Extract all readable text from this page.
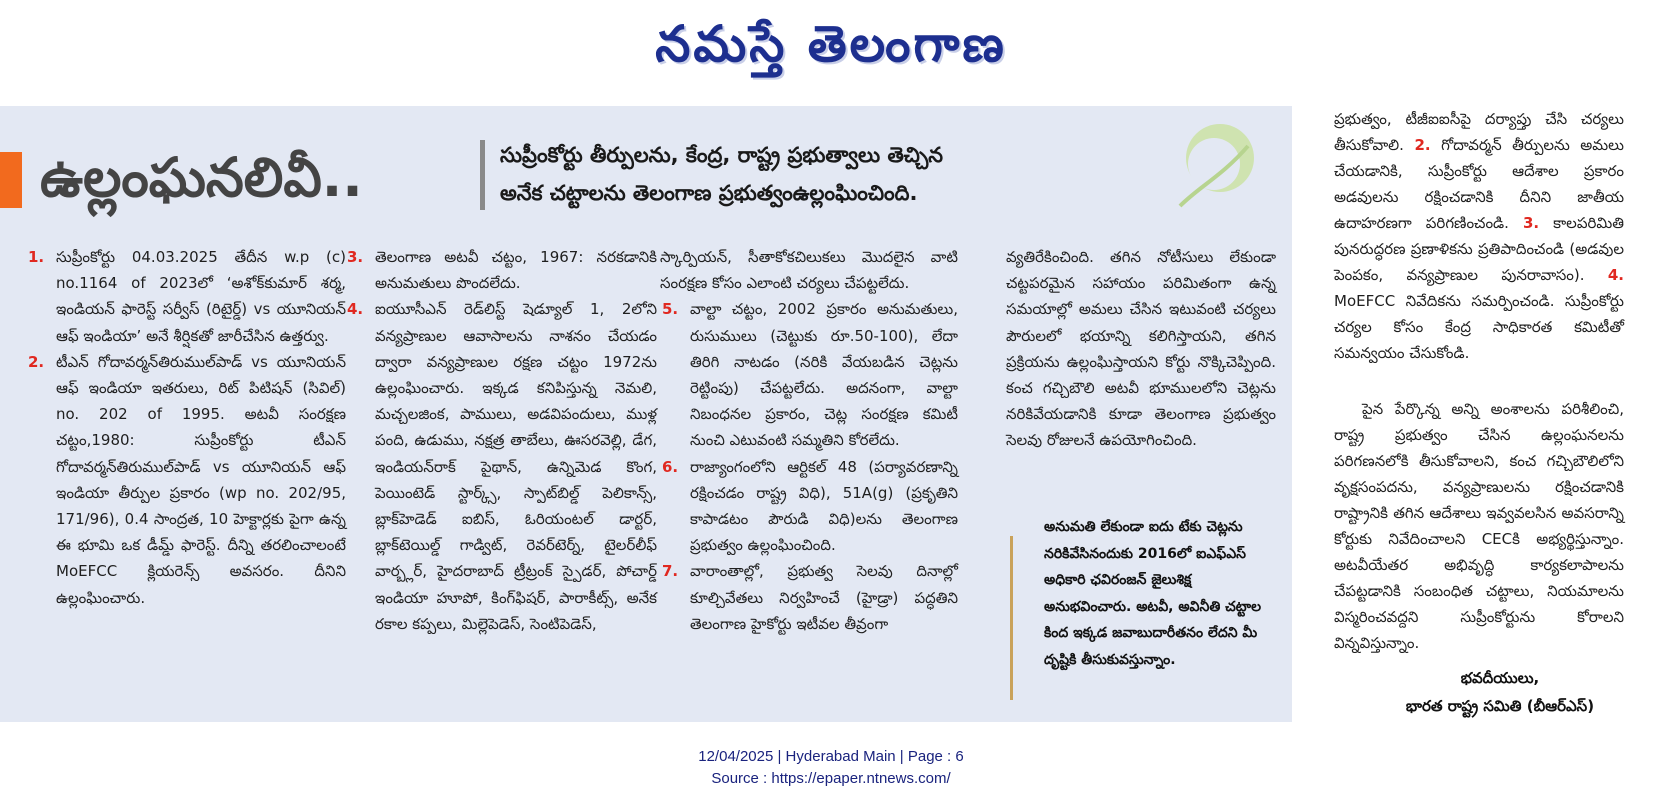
నమస్తే తెలంగాణ
ఉల్లంఘనలివీ..	సుప్రీంకోర్టు తీర్పులను, కేంద్ర, రాష్ట్ర ప్రభుత్వాలు తెచ్చిన
అనేక చట్టాలను తెలంగాణ ప్రభుత్వంఉల్లంఘించింది.
1. సుప్రీంకోర్టు 04.03.2025 తేదీన w.p (c) no.1164 of 2023లో ‘అశోక్‌కుమార్ శర్మ, ఇండియన్ ఫారెస్ట్ సర్వీస్ (రిటైర్డ్) vs యూనియన్ ఆఫ్ ఇండియా’ అనే శీర్షికతో జారీచేసిన ఉత్తర్వు.
2. టీఎన్ గోదావర్మన్‌తిరుముల్‌పాడ్ vs యూనియన్ ఆఫ్ ఇండియా ఇతరులు, రిట్ పిటిషన్ (సివిల్) no. 202 of 1995. అటవీ సంరక్షణ చట్టం,1980: సుప్రీంకోర్టు టీఎన్ గోదావర్మన్‌తిరుముల్‌పాడ్ vs యూనియన్ ఆఫ్ ఇండియా తీర్పుల ప్రకారం (wp no. 202/95, 171/96), 0.4 సాంద్రత, 10 హెక్టార్లకు పైగా ఉన్న ఈ భూమి ఒక డీమ్డ్ ఫారెస్ట్. దీన్ని తరలించాలంటే MoEFCC క్లియరెన్స్ అవసరం. దీనిని ఉల్లంఘించారు.
3. తెలంగాణ అటవీ చట్టం, 1967: నరకడానికి అనుమతులు పొందలేదు.
4. ఐయూసీఎన్ రెడ్‌లిస్ట్ షెడ్యూల్ 1, 2లోని వన్యప్రాణుల ఆవాసాలను నాశనం చేయడం ద్వారా వన్యప్రాణుల రక్షణ చట్టం 1972ను ఉల్లంఘించారు. ఇక్కడ కనిపిస్తున్న నెమలి, మచ్చలజింక, పాములు, అడవిపందులు, ముళ్ల పంది, ఉడుము, నక్షత్ర తాబేలు, ఊసరవెల్లి, డేగ, ఇండియన్‌రాక్ పైథాన్, ఉన్నిమెడ కొంగ, పెయింటెడ్ స్టార్క్స్, స్పాట్‌బిల్డ్ పెలికాన్స్, బ్లాక్‌హెడెడ్ ఐబిస్, ఓరియంటల్ డార్టర్, బ్లాక్‌టెయిల్డ్ గాడ్విట్, రెవర్‌టెర్న్, టైలర్‌లీఫ్ వార్బ్లర్, హైదరాబాద్ ట్రీట్రంక్ స్పైడర్, పోచార్డ్ ఇండియా హూపో, కింగ్‌ఫిషర్, పారాకీట్స్, అనేక రకాల కప్పలు, మిల్లెపెడెస్, సెంటిపెడెస్,
స్కార్పియన్, సీతాకోకచిలుకలు మొదలైన వాటి సంరక్షణ కోసం ఎలాంటి చర్యలు చేపట్టలేదు.
5. వాల్టా చట్టం, 2002 ప్రకారం అనుమతులు, రుసుములు (చెట్టుకు రూ.50-100), లేదా తిరిగి నాటడం (నరికి వేయబడిన చెట్లను రెట్టింపు) చేపట్టలేదు. అదనంగా, వాల్టా నిబంధనల ప్రకారం, చెట్ల సంరక్షణ కమిటీ నుంచి ఎటువంటి సమ్మతిని కోరలేదు.
6. రాజ్యాంగంలోని ఆర్టికల్ 48 (పర్యావరణాన్ని రక్షించడం రాష్ట్ర విధి), 51A(g) (ప్రకృతిని కాపాడటం పౌరుడి విధి)లను తెలంగాణ ప్రభుత్వం ఉల్లంఘించింది.
7. వారాంతాల్లో, ప్రభుత్వ సెలవు దినాల్లో కూల్చివేతలు నిర్వహించే (హైడ్రా) పద్ధతిని తెలంగాణ హైకోర్టు ఇటీవల తీవ్రంగా
వ్యతిరేకించింది. తగిన నోటీసులు లేకుండా చట్టపరమైన సహాయం పరిమితంగా ఉన్న సమయాల్లో అమలు చేసిన ఇటువంటి చర్యలు పౌరులలో భయాన్ని కలిగిస్తాయని, తగిన ప్రక్రియను ఉల్లంఘిస్తాయని కోర్టు నొక్కిచెప్పింది. కంచ గచ్చిబౌలి అటవీ భూములలోని చెట్లను నరికివేయడానికి కూడా తెలంగాణ ప్రభుత్వం సెలవు రోజులనే ఉపయోగించింది.
అనుమతి లేకుండా ఐదు టేకు చెట్లను నరికివేసినందుకు 2016లో ఐఎఫ్‌ఎస్ అధికారి ఛవిరంజన్ జైలుశిక్ష అనుభవించారు. అటవీ, అవినీతి చట్టాల కింద ఇక్కడ జవాబుదారీతనం లేదని మీ దృష్టికి తీసుకువస్తున్నాం.
ప్రభుత్వం, టీజీఐఐసీపై దర్యాప్తు చేసి చర్యలు తీసుకోవాలి. 2. గోదావర్మన్ తీర్పులను అమలు చేయడానికి, సుప్రీంకోర్టు ఆదేశాల ప్రకారం అడవులను రక్షించడానికి దీనిని జాతీయ ఉదాహరణగా పరిగణించండి. 3. కాలపరిమితి పునరుద్ధరణ ప్రణాళికను ప్రతిపాదించండి (అడవుల పెంపకం, వన్యప్రాణుల పునరావాసం). 4. MoEFCC నివేదికను సమర్పించండి. సుప్రీంకోర్టు చర్యల కోసం కేంద్ర సాధికారత కమిటీతో సమన్వయం చేసుకోండి.
పైన పేర్కొన్న అన్ని అంశాలను పరిశీలించి, రాష్ట్ర ప్రభుత్వం చేసిన ఉల్లంఘనలను పరిగణనలోకి తీసుకోవాలని, కంచ గచ్చిబౌలిలోని వృక్షసంపదను, వన్యప్రాణులను రక్షించడానికి రాష్ట్రానికి తగిన ఆదేశాలు ఇవ్వవలసిన అవసరాన్ని కోర్టుకు నివేదించాలని CECకి అభ్యర్థిస్తున్నాం. అటవీయేతర అభివృద్ధి కార్యకలాపాలను చేపట్టడానికి సంబంధిత చట్టాలు, నియమాలను విస్మరించవద్దని సుప్రీంకోర్టును కోరాలని విన్నవిస్తున్నాం.
భవదీయులు,
భారత రాష్ట్ర సమితి (బీఆర్‌ఎస్)
12/04/2025 | Hyderabad Main | Page : 6
Source : https://epaper.ntnews.com/
